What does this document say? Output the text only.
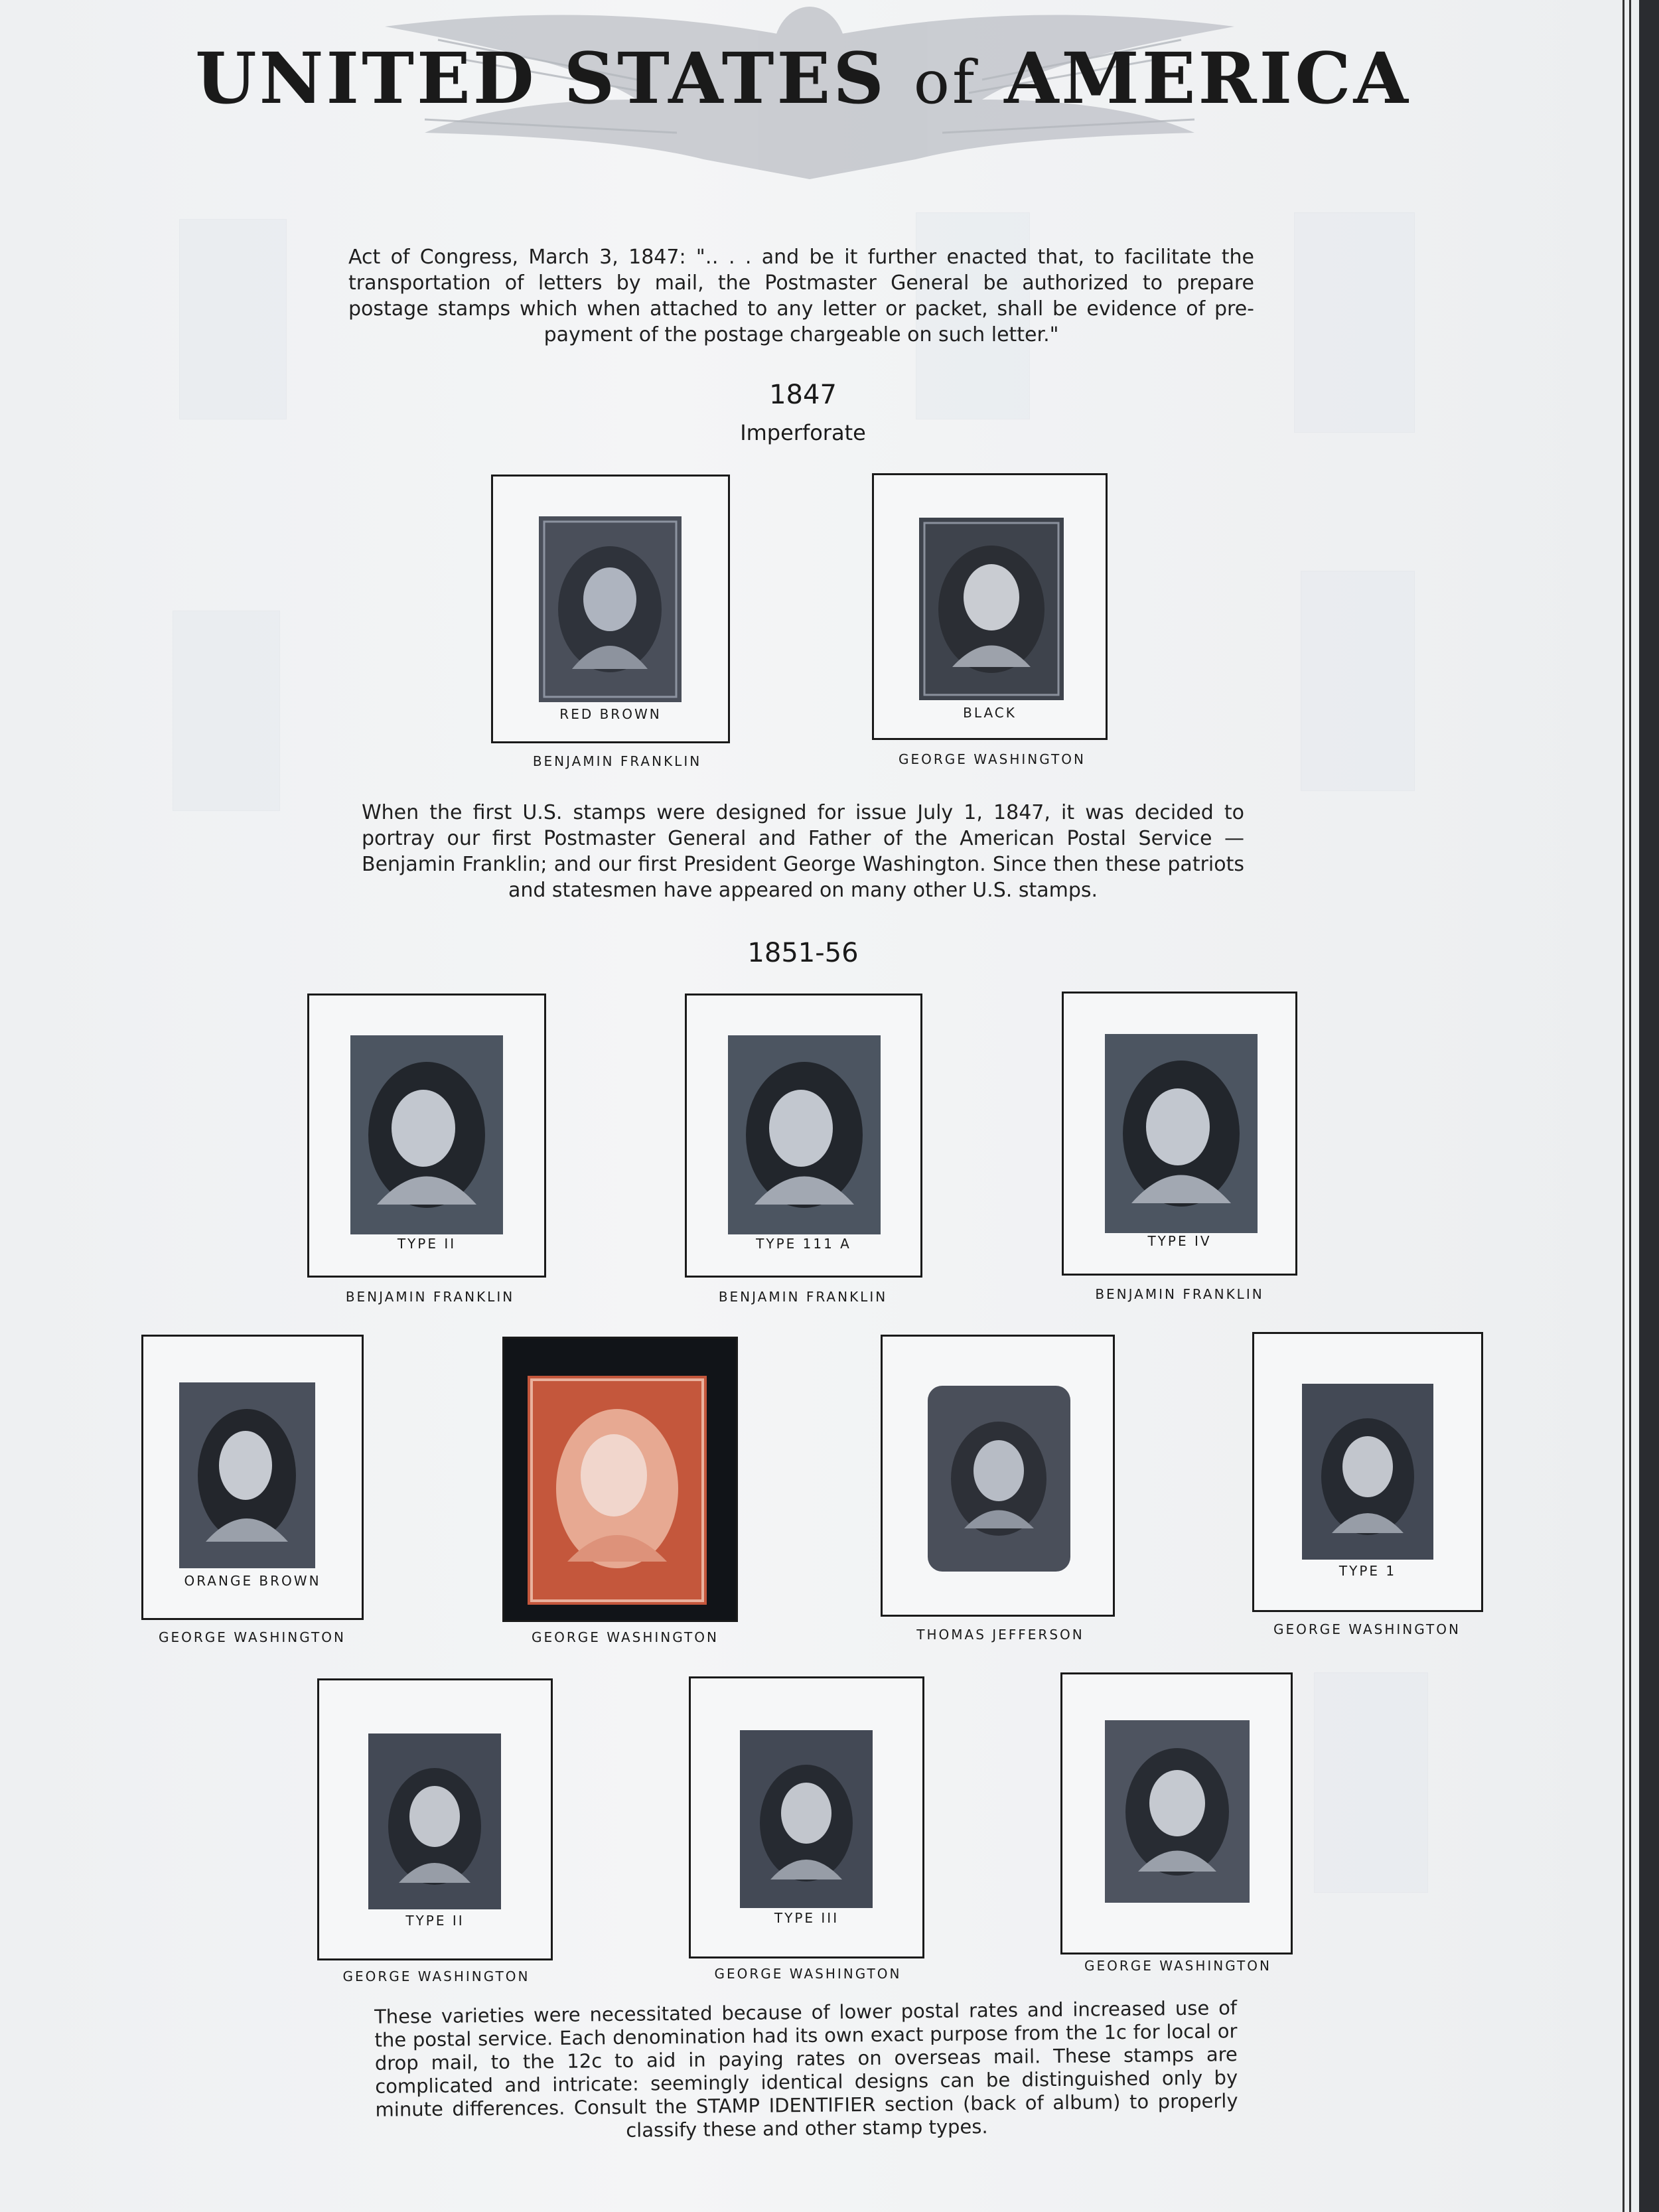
UNITED STATES of AMERICA
Act of Congress, March 3, 1847: "‥ . . and be it further enacted that, to facilitate the transportation of letters by mail, the Postmaster General be authorized to prepare postage stamps which when attached to any letter or packet, shall be evidence of pre-payment of the postage chargeable on such letter."
1847
Imperforate
RED BROWN
BENJAMIN FRANKLIN
BLACK
GEORGE WASHINGTON
When the first U.S. stamps were designed for issue July 1, 1847, it was decided to portray our first Postmaster General and Father of the American Postal Service — Benjamin Franklin; and our first President George Washington. Since then these patriots and statesmen have appeared on many other U.S. stamps.
1851-56
TYPE II
BENJAMIN FRANKLIN
TYPE 111 A
BENJAMIN FRANKLIN
TYPE IV
BENJAMIN FRANKLIN
ORANGE BROWN
GEORGE WASHINGTON	GEORGE WASHINGTON	THOMAS JEFFERSON
TYPE 1
GEORGE WASHINGTON
TYPE II
GEORGE WASHINGTON
TYPE III
GEORGE WASHINGTON	GEORGE WASHINGTON
These varieties were necessitated because of lower postal rates and increased use of the postal service. Each denomination had its own exact purpose from the 1c for local or drop mail, to the 12c to aid in paying rates on overseas mail. These stamps are complicated and intricate: seemingly identical designs can be distinguished only by minute differences. Consult the STAMP IDENTIFIER section (back of album) to properly classify these and other stamp types.
